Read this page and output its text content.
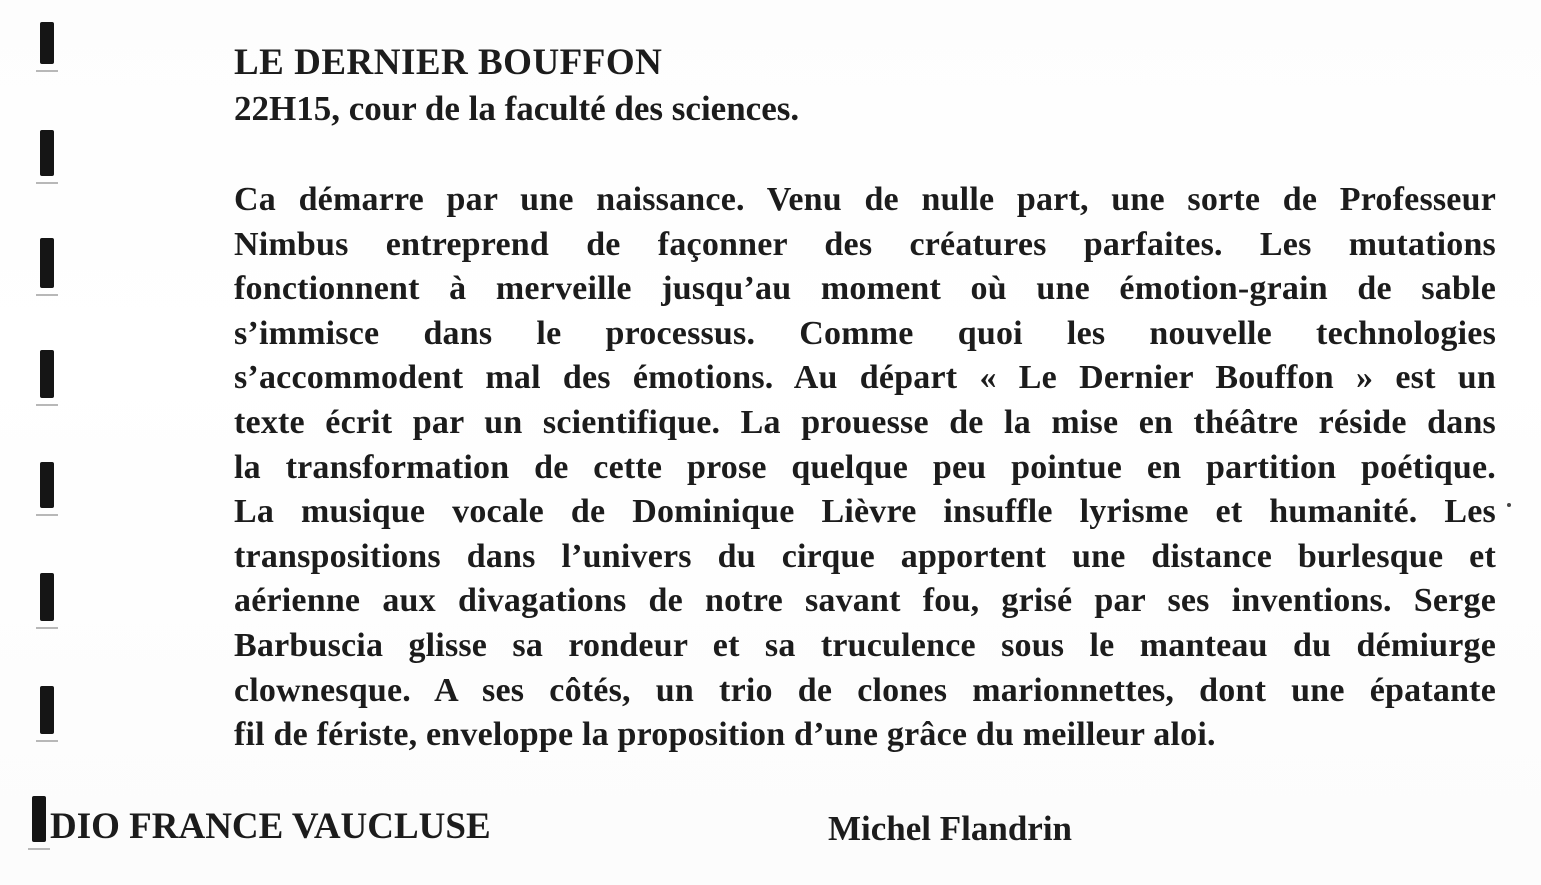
LE DERNIER BOUFFON
22H15, cour de la faculté des sciences.
Ca démarre par une naissance. Venu de nulle part, une sorte de Professeur
Nimbus entreprend de façonner des créatures parfaites. Les mutations
fonctionnent à merveille jusqu’au moment où une émotion-grain de sable
s’immisce dans le processus. Comme quoi les nouvelle technologies
s’accommodent mal des émotions. Au départ « Le Dernier Bouffon » est un
texte écrit par un scientifique. La prouesse de la mise en théâtre réside dans
la transformation de cette prose quelque peu pointue en partition poétique.
La musique vocale de Dominique Lièvre insuffle lyrisme et humanité. Les
transpositions dans l’univers du cirque apportent une distance burlesque et
aérienne aux divagations de notre savant fou, grisé par ses inventions. Serge
Barbuscia glisse sa rondeur et sa truculence sous le manteau du démiurge
clownesque. A ses côtés, un trio de clones marionnettes, dont une épatante
fil de fériste, enveloppe la proposition d’une grâce du meilleur aloi.
DIO FRANCE VAUCLUSE	Michel Flandrin
